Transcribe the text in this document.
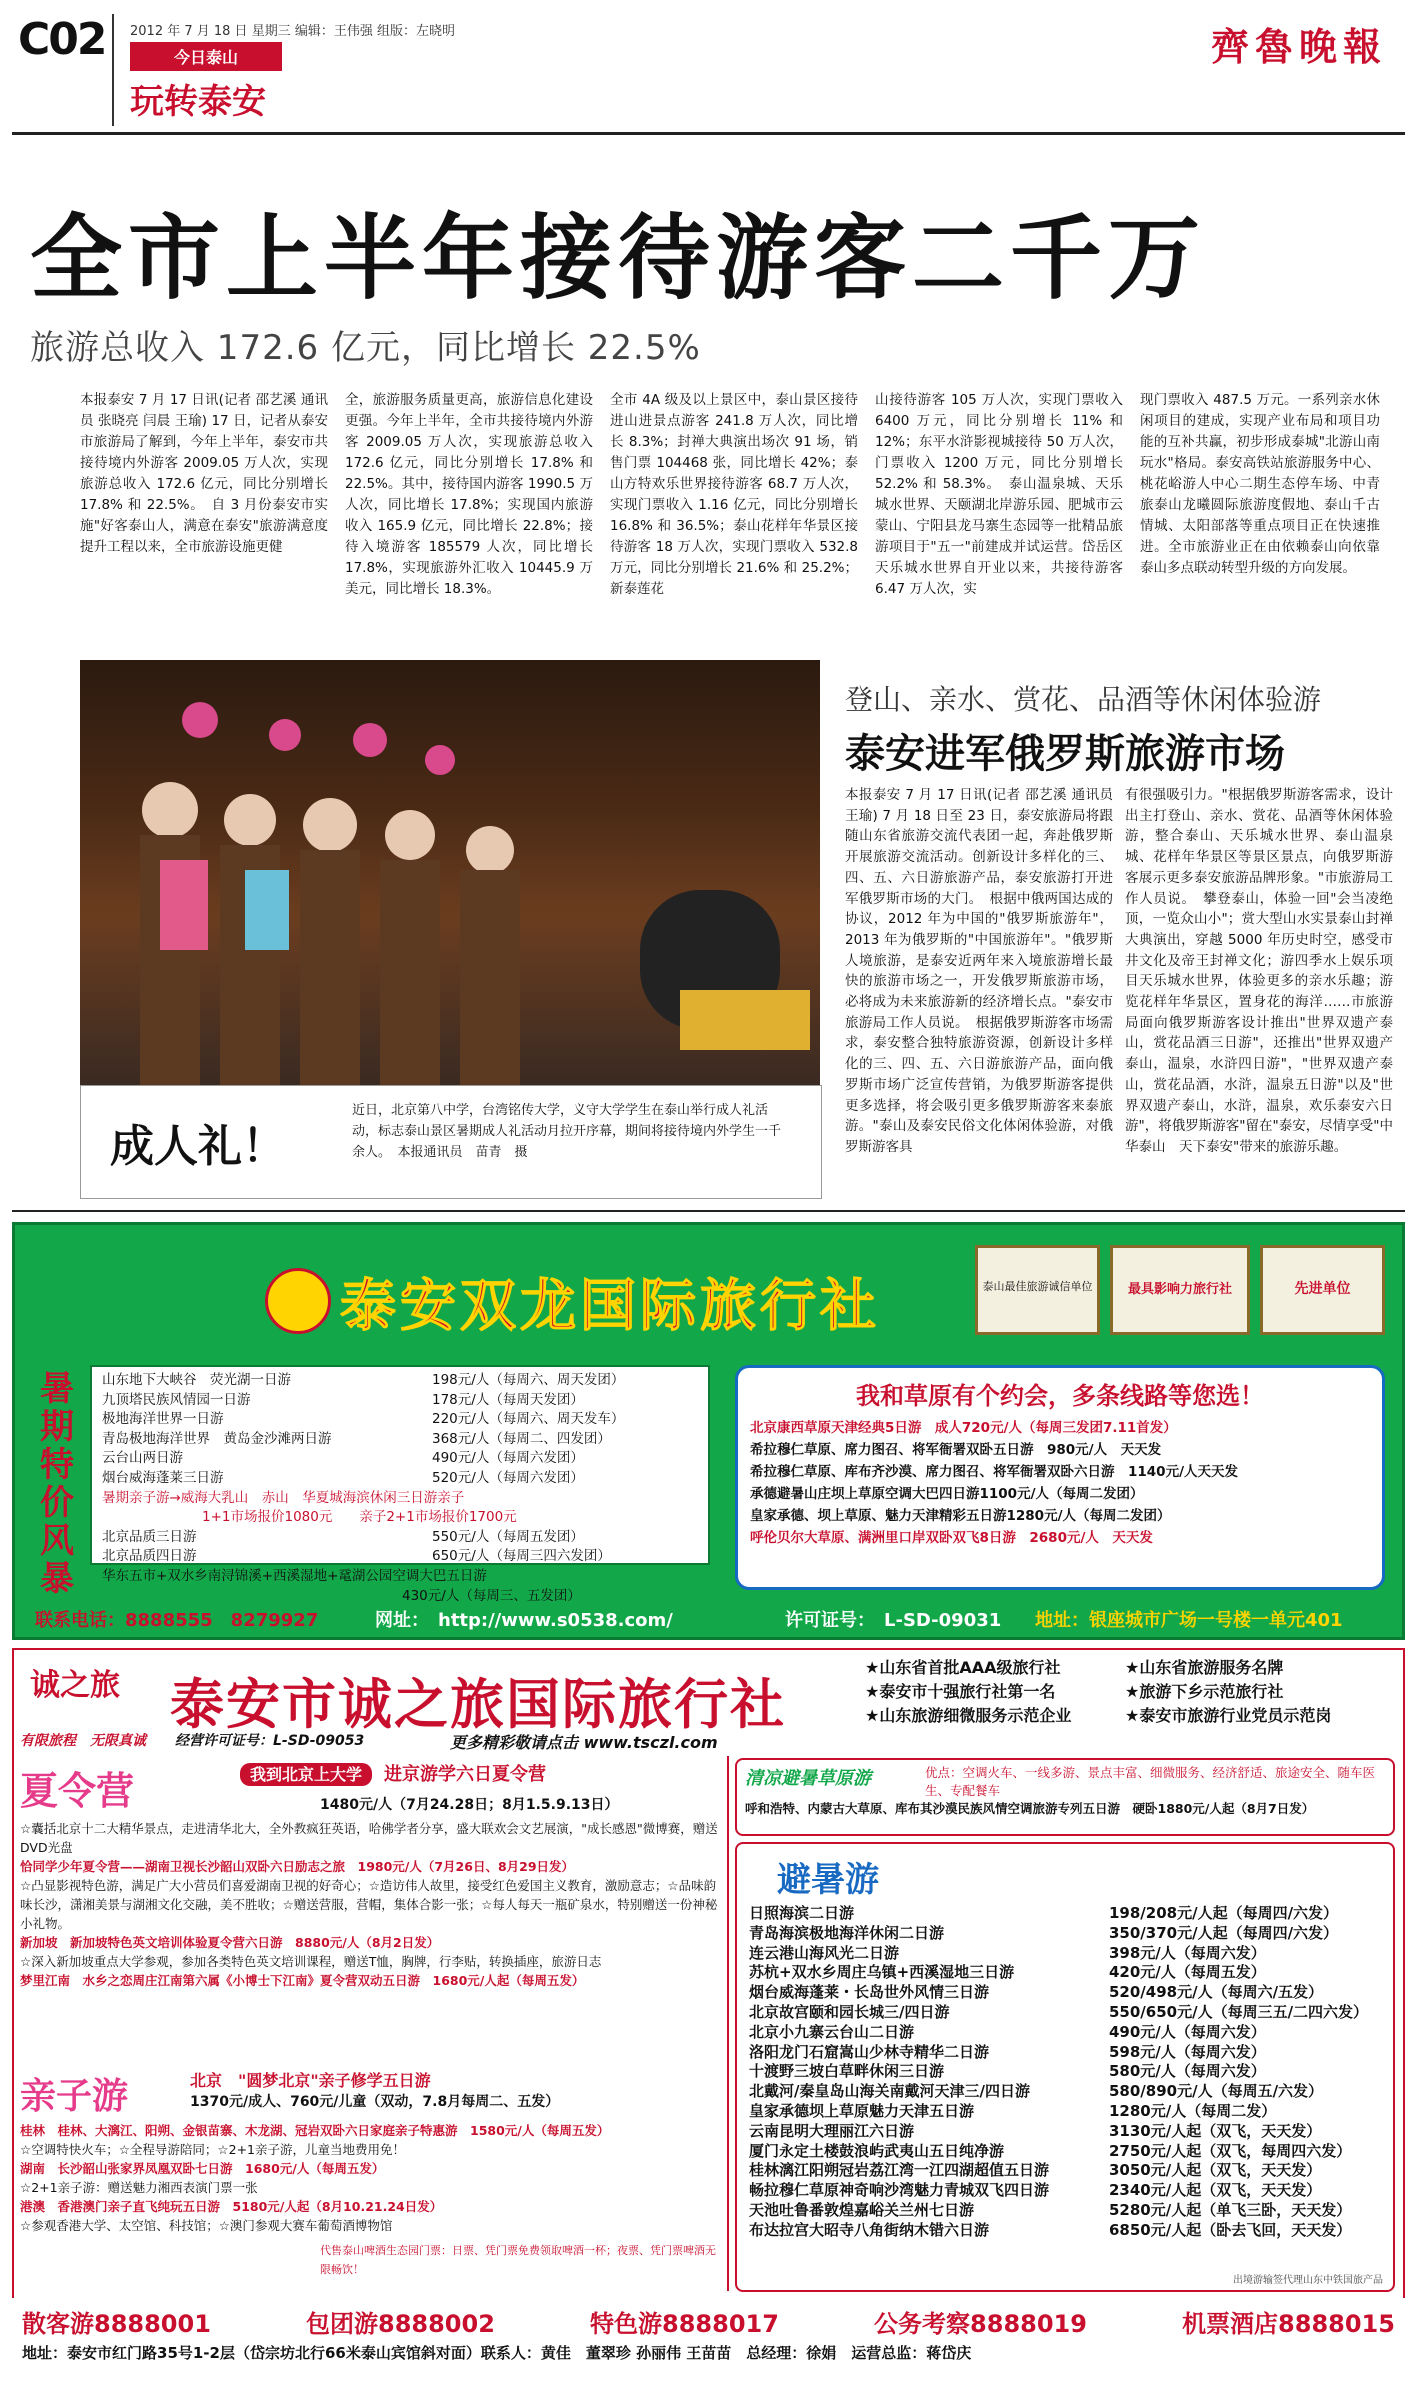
C02 2012 年 7 月 18 日 星期三 编辑：王伟强 组版：左晓明
今日泰山
玩转泰安
齊魯晚報
全市上半年接待游客二千万
旅游总收入 172.6 亿元，同比增长 22.5%
本报泰安 7 月 17 日讯(记者 邵艺溪 通讯员 张晓亮 闫晨 王瑜) 17 日，记者从泰安市旅游局了解到，今年上半年，泰安市共接待境内外游客 2009.05 万人次，实现旅游总收入 172.6 亿元，同比分别增长 17.8% 和 22.5%。　自 3 月份泰安市实施"好客泰山人，满意在泰安"旅游满意度提升工程以来，全市旅游设施更健
全，旅游服务质量更高，旅游信息化建设更强。今年上半年，全市共接待境内外游客 2009.05 万人次，实现旅游总收入 172.6 亿元，同比分别增长 17.8% 和 22.5%。其中，接待国内游客 1990.5 万人次，同比增长 17.8%；实现国内旅游收入 165.9 亿元，同比增长 22.8%；接待入境游客 185579 人次，同比增长 17.8%，实现旅游外汇收入 10445.9 万美元，同比增长 18.3%。
全市 4A 级及以上景区中，泰山景区接待进山进景点游客 241.8 万人次，同比增长 8.3%；封禅大典演出场次 91 场，销售门票 104468 张，同比增长 42%；泰山方特欢乐世界接待游客 68.7 万人次，实现门票收入 1.16 亿元，同比分别增长 16.8% 和 36.5%；泰山花样年华景区接待游客 18 万人次，实现门票收入 532.8 万元，同比分别增长 21.6% 和 25.2%；新泰莲花
山接待游客 105 万人次，实现门票收入 6400 万元，同比分别增长 11% 和 12%；东平水浒影视城接待 50 万人次，门票收入 1200 万元，同比分别增长 52.2% 和 58.3%。　泰山温泉城、天乐城水世界、天颐湖北岸游乐园、肥城市云蒙山、宁阳县龙马寨生态园等一批精品旅游项目于"五一"前建成并试运营。岱岳区天乐城水世界自开业以来，共接待游客 6.47 万人次，实
现门票收入 487.5 万元。一系列亲水休闲项目的建成，实现产业布局和项目功能的互补共赢，初步形成泰城"北游山南玩水"格局。泰安高铁站旅游服务中心、桃花峪游人中心二期生态停车场、中青旅泰山龙曦圆际旅游度假地、泰山千古情城、太阳部落等重点项目正在快速推进。全市旅游业正在由依赖泰山向依靠泰山多点联动转型升级的方向发展。
成人礼！
近日，北京第八中学，台湾铭传大学，义守大学学生在泰山举行成人礼活动，标志泰山景区暑期成人礼活动月拉开序幕，期间将接待境内外学生一千余人。　本报通讯员　苗青　摄
登山、亲水、赏花、品酒等休闲体验游
泰安进军俄罗斯旅游市场
本报泰安 7 月 17 日讯(记者 邵艺溪 通讯员 王瑜) 7 月 18 日至 23 日，泰安旅游局将跟随山东省旅游交流代表团一起，奔赴俄罗斯开展旅游交流活动。创新设计多样化的三、四、五、六日游旅游产品，泰安旅游打开进军俄罗斯市场的大门。　根据中俄两国达成的协议，2012 年为中国的"俄罗斯旅游年"，2013 年为俄罗斯的"中国旅游年"。"俄罗斯人境旅游，是泰安近两年来入境旅游增长最快的旅游市场之一，开发俄罗斯旅游市场，必将成为未来旅游新的经济增长点。"泰安市旅游局工作人员说。　根据俄罗斯游客市场需求，泰安整合独特旅游资源，创新设计多样化的三、四、五、六日游旅游产品，面向俄罗斯市场广泛宣传营销，为俄罗斯游客提供更多选择，将会吸引更多俄罗斯游客来泰旅游。"泰山及泰安民俗文化体闲体验游，对俄罗斯游客具
有很强吸引力。"根据俄罗斯游客需求，设计出主打登山、亲水、赏花、品酒等休闲体验游，整合泰山、天乐城水世界、泰山温泉城、花样年华景区等景区景点，向俄罗斯游客展示更多泰安旅游品牌形象。"市旅游局工作人员说。　攀登泰山，体验一回"会当凌绝顶，一览众山小"；赏大型山水实景泰山封禅大典演出，穿越 5000 年历史时空，感受市井文化及帝王封禅文化；游四季水上娱乐项目天乐城水世界，体验更多的亲水乐趣；游览花样年华景区，置身花的海洋……市旅游局面向俄罗斯游客设计推出"世界双遗产泰山，赏花品酒三日游"，还推出"世界双遗产泰山，温泉，水浒四日游"，"世界双遗产泰山，赏花品酒，水浒，温泉五日游"以及"世界双遗产泰山，水浒，温泉，欢乐泰安六日游"，将俄罗斯游客"留在"泰安，尽情享受"中华泰山　天下泰安"带来的旅游乐趣。
泰安双龙国际旅行社	泰山最佳旅游诚信单位	最具影响力旅行社	先进单位
暑期特价风暴
山东地下大峡谷　荧光湖一日游	198元/人（每周六、周天发团）
九顶塔民族风情园一日游	178元/人（每周天发团）
极地海洋世界一日游	220元/人（每周六、周天发车）
青岛极地海洋世界　黄岛金沙滩两日游	368元/人（每周二、四发团）
云台山两日游	490元/人（每周六发团）
烟台威海蓬莱三日游	520元/人（每周六发团）
暑期亲子游→威海大乳山　赤山　华夏城海滨休闲三日游亲子
1+1市场报价1080元　　亲子2+1市场报价1700元
北京品质三日游	550元/人（每周五发团）
北京品质四日游	650元/人（每周三四六发团）
华东五市+双水乡南浔锦溪+西溪湿地+鼋湖公园空调大巴五日游
430元/人（每周三、五发团）
我和草原有个约会，多条线路等您选！
北京康西草原天津经典5日游　成人720元/人（每周三发团7.11首发）
希拉穆仁草原、席力图召、将军衙署双卧五日游　980元/人　天天发
希拉穆仁草原、库布齐沙漠、席力图召、将军衙署双卧六日游　1140元/人天天发
承德避暑山庄坝上草原空调大巴四日游1100元/人（每周二发团）
皇家承德、坝上草原、魅力天津精彩五日游1280元/人（每周二发团）
呼伦贝尔大草原、满洲里口岸双卧双飞8日游　2680元/人　天天发
联系电话：8888555　8279927	网址：　http://www.s0538.com/	许可证号：　L-SD-09031 地址：银座城市广场一号楼一单元401
诚之旅 泰安市诚之旅国际旅行社
有限旅程　无限真诚 经营许可证号：L-SD-09053	更多精彩敬请点击 www.tsczl.com
★山东省首批AAA级旅行社	★山东省旅游服务名牌
★泰安市十强旅行社第一名	★旅游下乡示范旅行社
★山东旅游细微服务示范企业	★泰安市旅游行业党员示范岗
夏令营	我到北京上大学 进京游学六日夏令营
1480元/人（7月24.28日；8月1.5.9.13日）
☆囊括北京十二大精华景点，走进清华北大，全外教疯狂英语，哈佛学者分享，盛大联欢会文艺展演，"成长感恩"微博赛，赠送DVD光盘
恰同学少年夏令营——湖南卫视长沙韶山双卧六日励志之旅　1980元/人（7月26日、8月29日发）
☆凸显影视特色游，满足广大小营员们喜爱湖南卫视的好奇心；☆造访伟人故里，接受红色爱国主义教育，激励意志；☆品味韵味长沙，潇湘美景与湖湘文化交融，美不胜收；☆赠送营服，营帽，集体合影一张；☆每人每天一瓶矿泉水，特别赠送一份神秘小礼物。
新加坡　新加坡特色英文培训体验夏令营六日游　8880元/人（8月2日发）
☆深入新加坡重点大学参观，参加各类特色英文培训课程，赠送T恤，胸牌，行李贴，转换插座，旅游日志
梦里江南　水乡之恋周庄江南第六属《小博士下江南》夏令营双动五日游　1680元/人起（每周五发）
亲子游	北京　"圆梦北京"亲子修学五日游
1370元/成人、760元/儿童（双动，7.8月每周二、五发）
桂林　桂林、大漓江、阳朔、金银苗寨、木龙湖、冠岩双卧六日家庭亲子特惠游　1580元/人（每周五发）
☆空调特快火车；☆全程导游陪同；☆2+1亲子游，儿童当地费用免！
湖南　长沙韶山张家界凤凰双卧七日游　1680元/人（每周五发）
☆2+1亲子游：赠送魅力湘西表演门票一张
港澳　香港澳门亲子直飞纯玩五日游　5180元/人起（8月10.21.24日发）
☆参观香港大学、太空馆、科技馆；☆澳门参观大赛车葡萄酒博物馆
代售泰山啤酒生态园门票：日票、凭门票免费领取啤酒一杯；夜票、凭门票啤酒无限畅饮！
清凉避暑草原游	优点：空调火车、一线多游、景点丰富、细微服务、经济舒适、旅途安全、随车医生、专配餐车
呼和浩特、内蒙古大草原、库布其沙漠民族风情空调旅游专列五日游　硬卧1880元/人起（8月7日发）
避暑游
日照海滨二日游	198/208元/人起（每周四/六发）
青岛海滨极地海洋休闲二日游	350/370元/人起（每周四/六发）
连云港山海风光二日游	398元/人（每周六发）
苏杭+双水乡周庄乌镇+西溪湿地三日游	420元/人（每周五发）
烟台威海蓬莱・长岛世外风情三日游	520/498元/人（每周六/五发）
北京故宫颐和园长城三/四日游	550/650元/人（每周三五/二四六发）
北京小九寨云台山二日游	490元/人（每周六发）
洛阳龙门石窟嵩山少林寺精华二日游	598元/人（每周六发）
十渡野三坡白草畔休闲三日游	580元/人（每周六发）
北戴河/秦皇岛山海关南戴河天津三/四日游	580/890元/人（每周五/六发）
皇家承德坝上草原魅力天津五日游	1280元/人（每周二发）
云南昆明大理丽江六日游	3130元/人起（双飞，天天发）
厦门永定土楼鼓浪屿武夷山五日纯净游	2750元/人起（双飞，每周四六发）
桂林漓江阳朔冠岩荔江湾一江四湖超值五日游	3050元/人起（双飞，天天发）
畅拉穆仁草原神奇响沙湾魅力青城双飞四日游	2340元/人起（双飞，天天发）
天池吐鲁番敦煌嘉峪关兰州七日游	5280元/人起（单飞三卧，天天发）
布达拉宫大昭寺八角街纳木错六日游	6850元/人起（卧去飞回，天天发）
出境游输签代理山东中铁国旅产品
散客游8888001	包团游8888002	特色游8888017	公务考察8888019	机票酒店8888015
地址：泰安市红门路35号1-2层（岱宗坊北行66米泰山宾馆斜对面）联系人：黄佳　董翠珍 孙丽伟 王苗苗　总经理：徐娟　运营总监：蒋岱庆
